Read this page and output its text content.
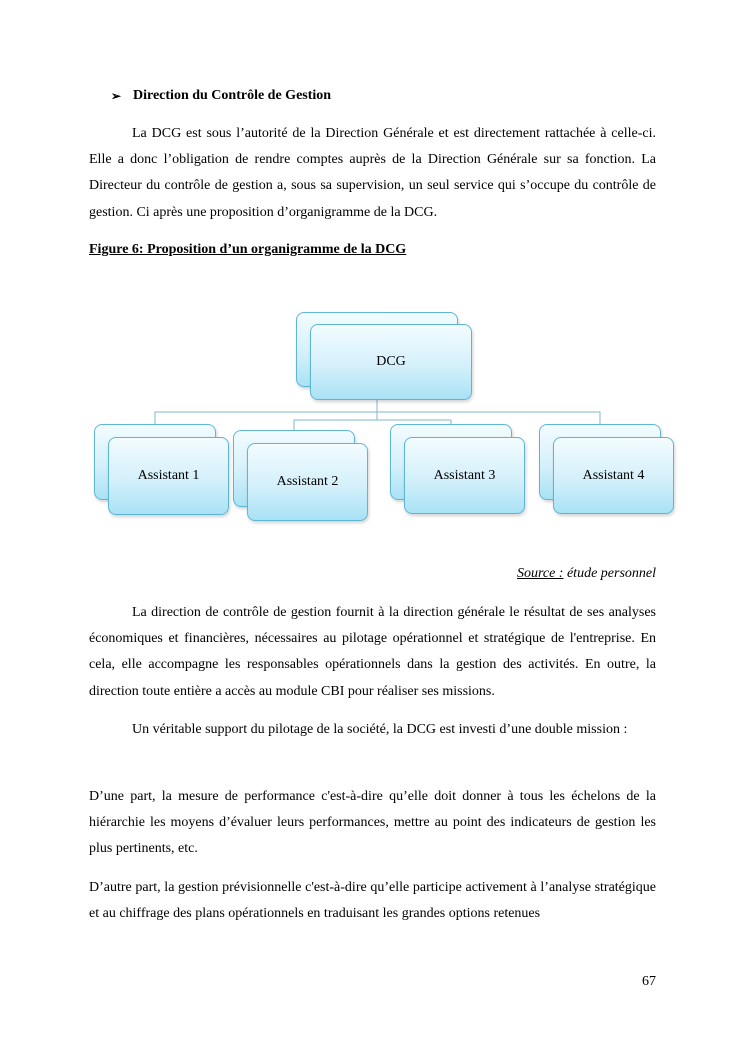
➢ Direction du Contrôle de Gestion
La DCG est sous l’autorité de la Direction Générale et est directement rattachée à celle-ci. Elle a donc l’obligation de rendre comptes auprès de la Direction Générale sur sa fonction. La Directeur du contrôle de gestion a, sous sa supervision, un seul service qui s’occupe du contrôle de gestion. Ci après une proposition d’organigramme de la DCG.
Figure 6: Proposition d’un organigramme de la DCG
DCG
Assistant 1	Assistant 2	Assistant 3	Assistant 4
Source : étude personnel
La direction de contrôle de gestion fournit à la direction générale le résultat de ses analyses économiques et financières, nécessaires au pilotage opérationnel et stratégique de l'entreprise. En cela, elle accompagne les responsables opérationnels dans la gestion des activités. En outre, la direction toute entière a accès au module CBI pour réaliser ses missions.
Un véritable support du pilotage de la société, la DCG est investi d’une double mission :
D’une part, la mesure de performance c'est-à-dire qu’elle doit donner à tous les échelons de la hiérarchie les moyens d’évaluer leurs performances, mettre au point des indicateurs de gestion les plus pertinents, etc.
D’autre part, la gestion prévisionnelle c'est-à-dire qu’elle participe activement à l’analyse stratégique et au chiffrage des plans opérationnels en traduisant les grandes options retenues
67
